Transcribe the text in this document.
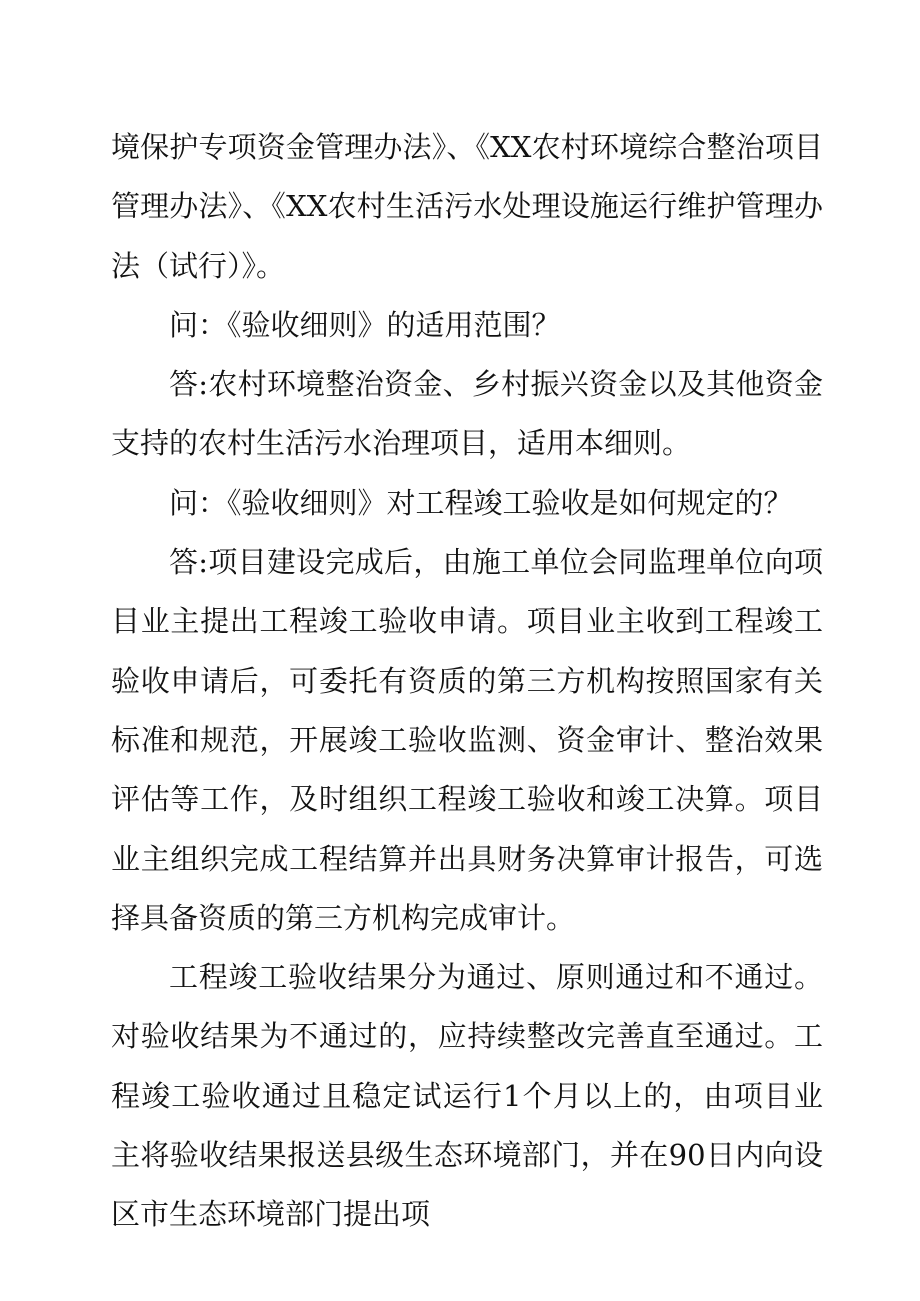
境保护专项资金管理办法》、《XX农村环境综合整治项目管理办法》、《XX农村生活污水处理设施运行维护管理办法（试行）》。

问：《验收细则》的适用范围？

答:农村环境整治资金、乡村振兴资金以及其他资金支持的农村生活污水治理项目，适用本细则。

问：《验收细则》对工程竣工验收是如何规定的？

答:项目建设完成后，由施工单位会同监理单位向项目业主提出工程竣工验收申请。项目业主收到工程竣工验收申请后，可委托有资质的第三方机构按照国家有关标准和规范，开展竣工验收监测、资金审计、整治效果评估等工作，及时组织工程竣工验收和竣工决算。项目业主组织完成工程结算并出具财务决算审计报告，可选择具备资质的第三方机构完成审计。

工程竣工验收结果分为通过、原则通过和不通过。对验收结果为不通过的，应持续整改完善直至通过。工程竣工验收通过且稳定试运行1个月以上的，由项目业主将验收结果报送县级生态环境部门，并在90日内向设区市生态环境部门提出项
